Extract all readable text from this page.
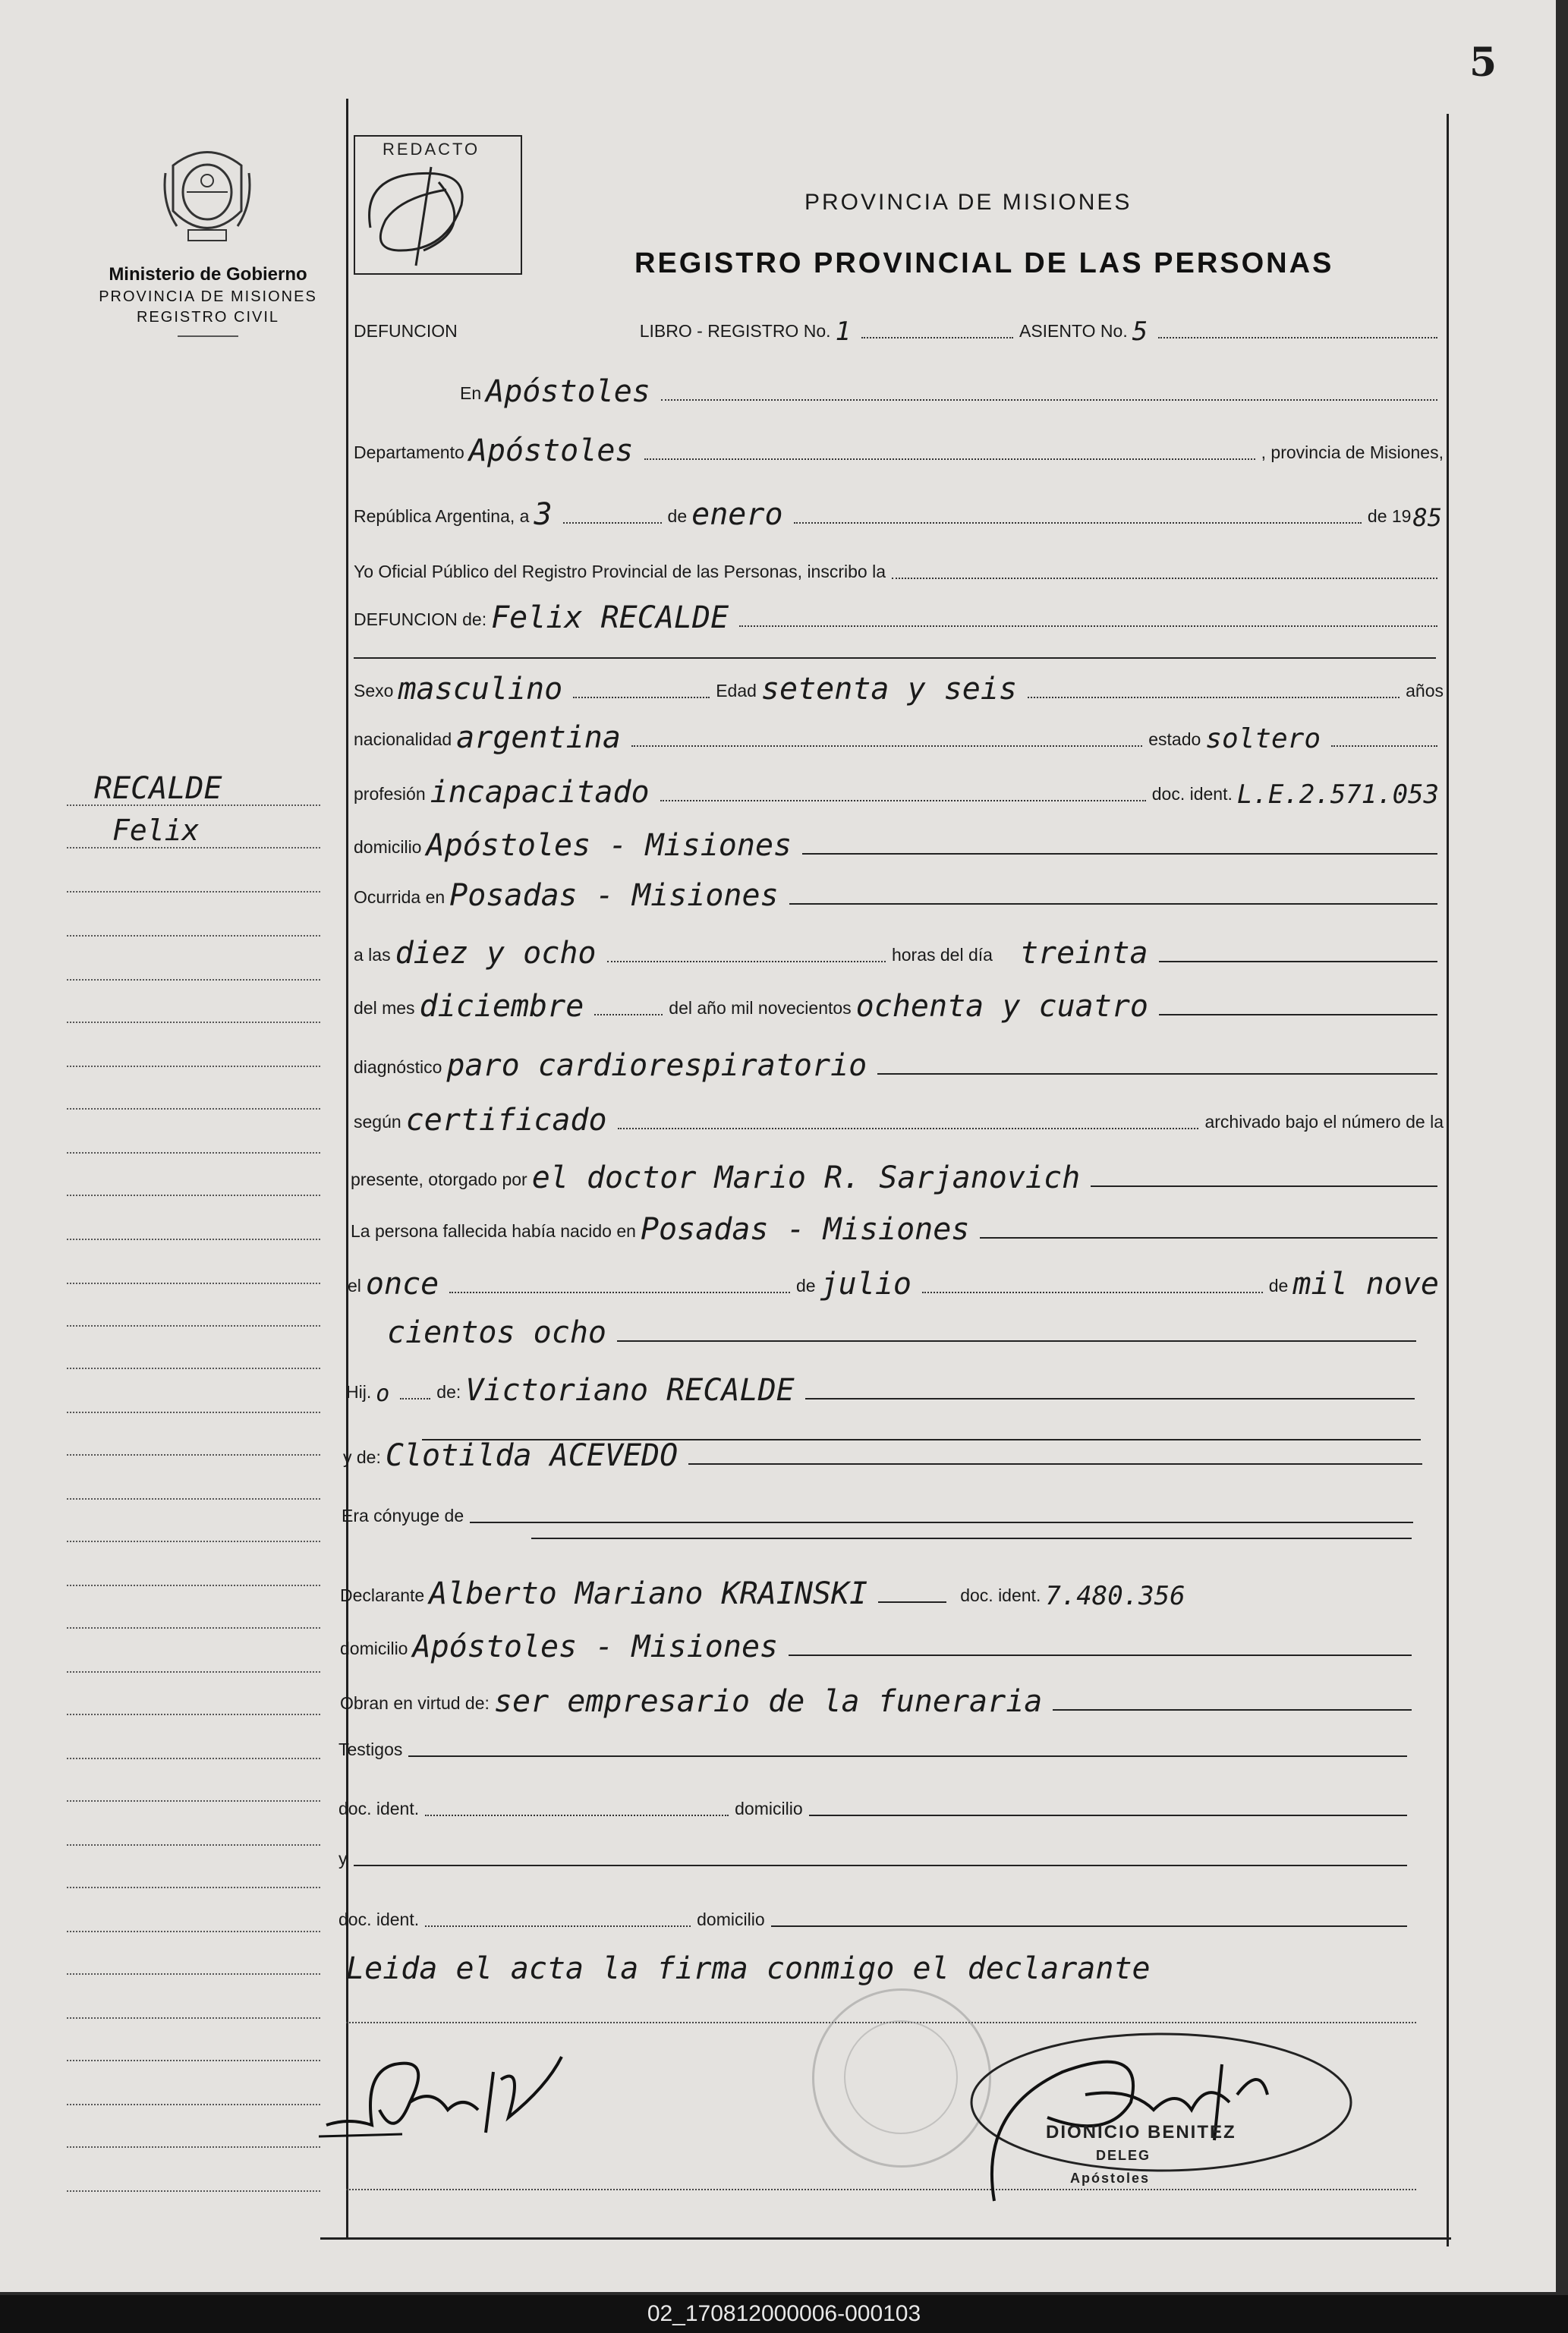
5
Ministerio de Gobierno
PROVINCIA DE MISIONES
REGISTRO CIVIL
REDACTO
PROVINCIA DE MISIONES
REGISTRO PROVINCIAL DE LAS PERSONAS
RECALDE
Felix
DEFUNCION	LIBRO - REGISTRO No. 1	ASIENTO No. 5
En Apóstoles
Departamento Apóstoles	, provincia de Misiones,
República Argentina, a 3	de enero	de 19 85
Yo Oficial Público del Registro Provincial de las Personas, inscribo la
DEFUNCION de: Felix RECALDE
Sexo masculino	Edad setenta y seis	años
nacionalidad argentina	estado soltero
profesión incapacitado	doc. ident. L.E.2.571.053
domicilio Apóstoles - Misiones
Ocurrida en Posadas - Misiones
a las diez y ocho	horas del día treinta
del mes diciembre	del año mil novecientos ochenta y cuatro
diagnóstico paro cardiorespiratorio
según certificado	archivado bajo el número de la
presente, otorgado por el doctor Mario R. Sarjanovich
La persona fallecida había nacido en Posadas - Misiones
el once	de julio	de mil nove
cientos ocho
Hij. o	de: Victoriano RECALDE
y de: Clotilda ACEVEDO
Era cónyuge de
Declarante Alberto Mariano KRAINSKI	doc. ident. 7.480.356
domicilio Apóstoles - Misiones
Obran en virtud de: ser empresario de la funeraria
Testigos
doc. ident.	domicilio
y
doc. ident.	domicilio
Leida el acta la firma conmigo el declarante
DIONICIO BENITEZ
DELEG
Apóstoles
02_170812000006-000103
